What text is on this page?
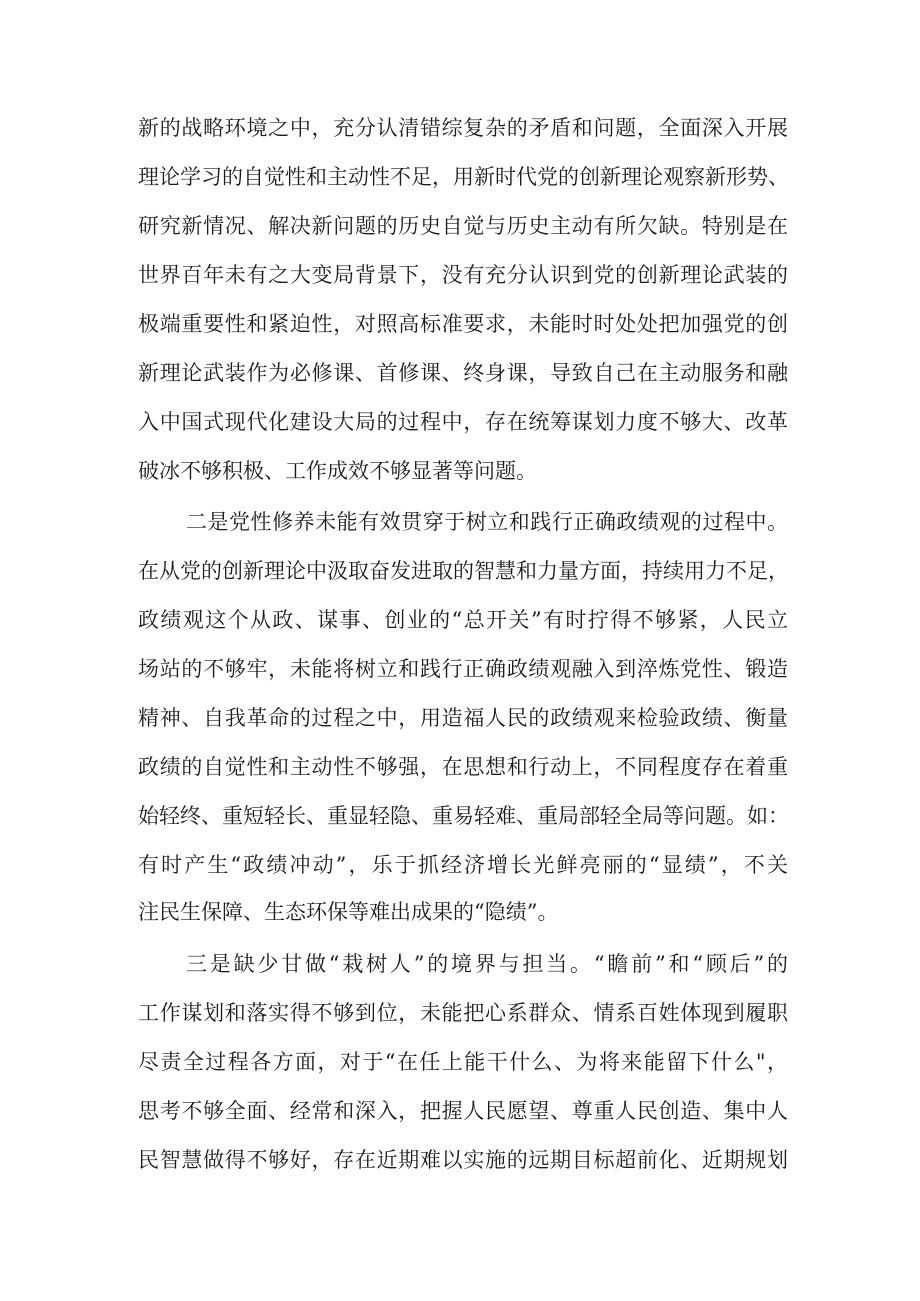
新的战略环境之中，充分认清错综复杂的矛盾和问题，全面深入开展
理论学习的自觉性和主动性不足，用新时代党的创新理论观察新形势、
研究新情况、解决新问题的历史自觉与历史主动有所欠缺。特别是在
世界百年未有之大变局背景下，没有充分认识到党的创新理论武装的
极端重要性和紧迫性，对照高标准要求，未能时时处处把加强党的创
新理论武装作为必修课、首修课、终身课，导致自己在主动服务和融
入中国式现代化建设大局的过程中，存在统筹谋划力度不够大、改革
破冰不够积极、工作成效不够显著等问题。
二是党性修养未能有效贯穿于树立和践行正确政绩观的过程中。
在从党的创新理论中汲取奋发进取的智慧和力量方面，持续用力不足，
政绩观这个从政、谋事、创业的“总开关”有时拧得不够紧，人民立
场站的不够牢，未能将树立和践行正确政绩观融入到淬炼党性、锻造
精神、自我革命的过程之中，用造福人民的政绩观来检验政绩、衡量
政绩的自觉性和主动性不够强，在思想和行动上，不同程度存在着重
始轻终、重短轻长、重显轻隐、重易轻难、重局部轻全局等问题。如：
有时产生“政绩冲动”，乐于抓经济增长光鲜亮丽的“显绩”，不关
注民生保障、生态环保等难出成果的“隐绩”。
三是缺少甘做“栽树人”的境界与担当。“瞻前”和“顾后”的
工作谋划和落实得不够到位，未能把心系群众、情系百姓体现到履职
尽责全过程各方面，对于“在任上能干什么、为将来能留下什么"，
思考不够全面、经常和深入，把握人民愿望、尊重人民创造、集中人
民智慧做得不够好，存在近期难以实施的远期目标超前化、近期规划
